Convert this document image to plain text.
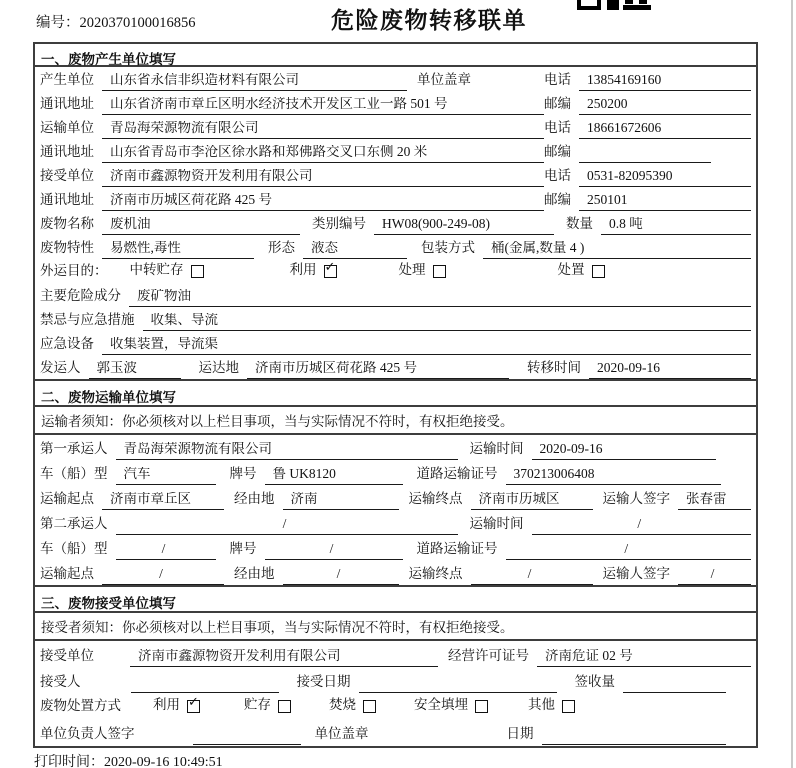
编号：2020370100016856	危险废物转移联单
一、废物产生单位填写
产生单位	山东省永信非织造材料有限公司	单位盖章	电话	13854169160
通讯地址	山东省济南市章丘区明水经济技术开发区工业一路 501 号	邮编	250200
运输单位	青岛海荣源物流有限公司	电话	18661672606
通讯地址	山东省青岛市李沧区徐水路和郑佛路交叉口东侧 20 米	邮编
接受单位	济南市鑫源物资开发利用有限公司	电话	0531-82095390
通讯地址	济南市历城区荷花路 425 号	邮编	250101
废物名称	废机油	类别编号	HW08(900-249-08)	数量	0.8 吨
废物特性	易燃性,毒性	形态	液态	包装方式	桶(金属,数量 4 )
外运目的： 中转贮存	利用 ✓	处理	处置
主要危险成分	废矿物油
禁忌与应急措施	收集、导流
应急设备	收集装置，导流渠
发运人	郭玉波	运达地	济南市历城区荷花路 425 号	转移时间	2020-09-16
二、废物运输单位填写
运输者须知：你必须核对以上栏目事项，当与实际情况不符时，有权拒绝接受。
第一承运人	青岛海荣源物流有限公司	运输时间	2020-09-16
车（船）型	汽车	牌号	鲁 UK8120	道路运输证号	370213006408
运输起点	济南市章丘区	经由地	济南	运输终点	济南市历城区	运输人签字	张春雷
第二承运人	/	运输时间	/
车（船）型	/	牌号	/	道路运输证号	/
运输起点	/	经由地	/	运输终点	/	运输人签字	/
三、废物接受单位填写
接受者须知：你必须核对以上栏目事项，当与实际情况不符时，有权拒绝接受。
接受单位	济南市鑫源物资开发利用有限公司	经营许可证号	济南危证 02 号
接受人	接受日期	签收量
废物处置方式 利用 ✓	贮存	焚烧	安全填埋	其他
单位负责人签字	单位盖章	日期
打印时间：2020-09-16 10:49:51
